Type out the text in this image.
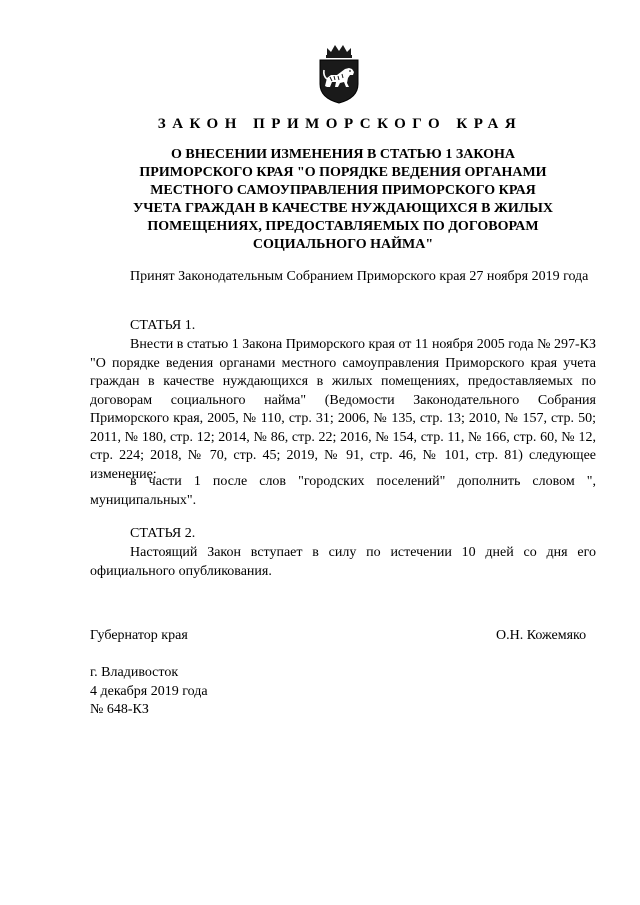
ЗАКОН ПРИМОРСКОГО КРАЯ
О ВНЕСЕНИИ ИЗМЕНЕНИЯ В СТАТЬЮ 1 ЗАКОНА
ПРИМОРСКОГО КРАЯ "О ПОРЯДКЕ ВЕДЕНИЯ ОРГАНАМИ
МЕСТНОГО САМОУПРАВЛЕНИЯ ПРИМОРСКОГО КРАЯ
УЧЕТА ГРАЖДАН В КАЧЕСТВЕ НУЖДАЮЩИХСЯ В ЖИЛЫХ
ПОМЕЩЕНИЯХ, ПРЕДОСТАВЛЯЕМЫХ ПО ДОГОВОРАМ
СОЦИАЛЬНОГО НАЙМА"
Принят Законодательным Собранием Приморского края 27 ноября 2019 года
СТАТЬЯ 1.
Внести в статью 1 Закона Приморского края от 11 ноября 2005 года № 297-КЗ "О порядке ведения органами местного самоуправления Приморского края учета граждан в качестве нуждающихся в жилых помещениях, предоставляемых по договорам социального найма" (Ведомости Законодательного Собрания Приморского края, 2005, № 110, стр. 31; 2006, № 135, стр. 13; 2010, № 157, стр. 50; 2011, № 180, стр. 12; 2014, № 86, стр. 22; 2016, № 154, стр. 11, № 166, стр. 60, № 12, стр. 224; 2018, № 70, стр. 45; 2019, № 91, стр. 46, № 101, стр. 81) следующее изменение:
в части 1 после слов "городских поселений" дополнить словом ", муниципальных".
СТАТЬЯ 2.
Настоящий Закон вступает в силу по истечении 10 дней со дня его официального опубликования.
Губернатор края	О.Н. Кожемяко
г. Владивосток
4 декабря 2019 года
№ 648-КЗ
